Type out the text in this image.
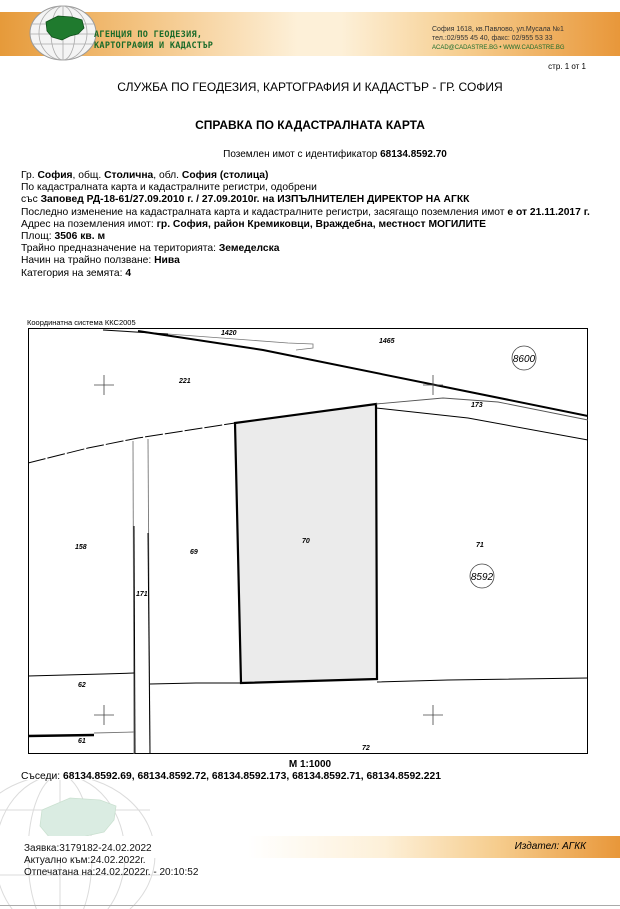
АГЕНЦИЯ ПО ГЕОДЕЗИЯ,
КАРТОГРАФИЯ И КАДАСТЪР
София 1618, кв.Павлово, ул.Мусала №1
тел.:02/955 45 40, факс: 02/955 53 33
ACAD@CADASTRE.BG • WWW.CADASTRE.BG
стр. 1 от 1
СЛУЖБА ПО ГЕОДЕЗИЯ, КАРТОГРАФИЯ И КАДАСТЪР - ГР. СОФИЯ
СПРАВКА ПО КАДАСТРАЛНАТА КАРТА
Поземлен имот с идентификатор 68134.8592.70
Гр. София, общ. Столична, обл. София (столица)
По кадастралната карта и кадастралните регистри, одобрени
със Заповед РД-18-61/27.09.2010 г. / 27.09.2010г. на ИЗПЪЛНИТЕЛЕН ДИРЕКТОР НА АГКК
Последно изменение на кадастралната карта и кадастралните регистри, засягащо поземления имот е от 21.11.2017 г.
Адрес на поземления имот: гр. София, район Кремиковци, Враждебна, местност МОГИЛИТЕ
Площ: 3506 кв. м
Трайно предназначение на територията: Земеделска
Начин на трайно ползване: Нива
Категория на земята: 4
Координатна система ККС2005
8600
8592
1420
1465
221
173
158
69
70
71
171
62
61
72
М 1:1000
Съседи: 68134.8592.69, 68134.8592.72, 68134.8592.173, 68134.8592.71, 68134.8592.221
Заявка:3179182-24.02.2022
Актуално към:24.02.2022г.
Отпечатана на:24.02.2022г. - 20:10:52
Издател: АГКК
